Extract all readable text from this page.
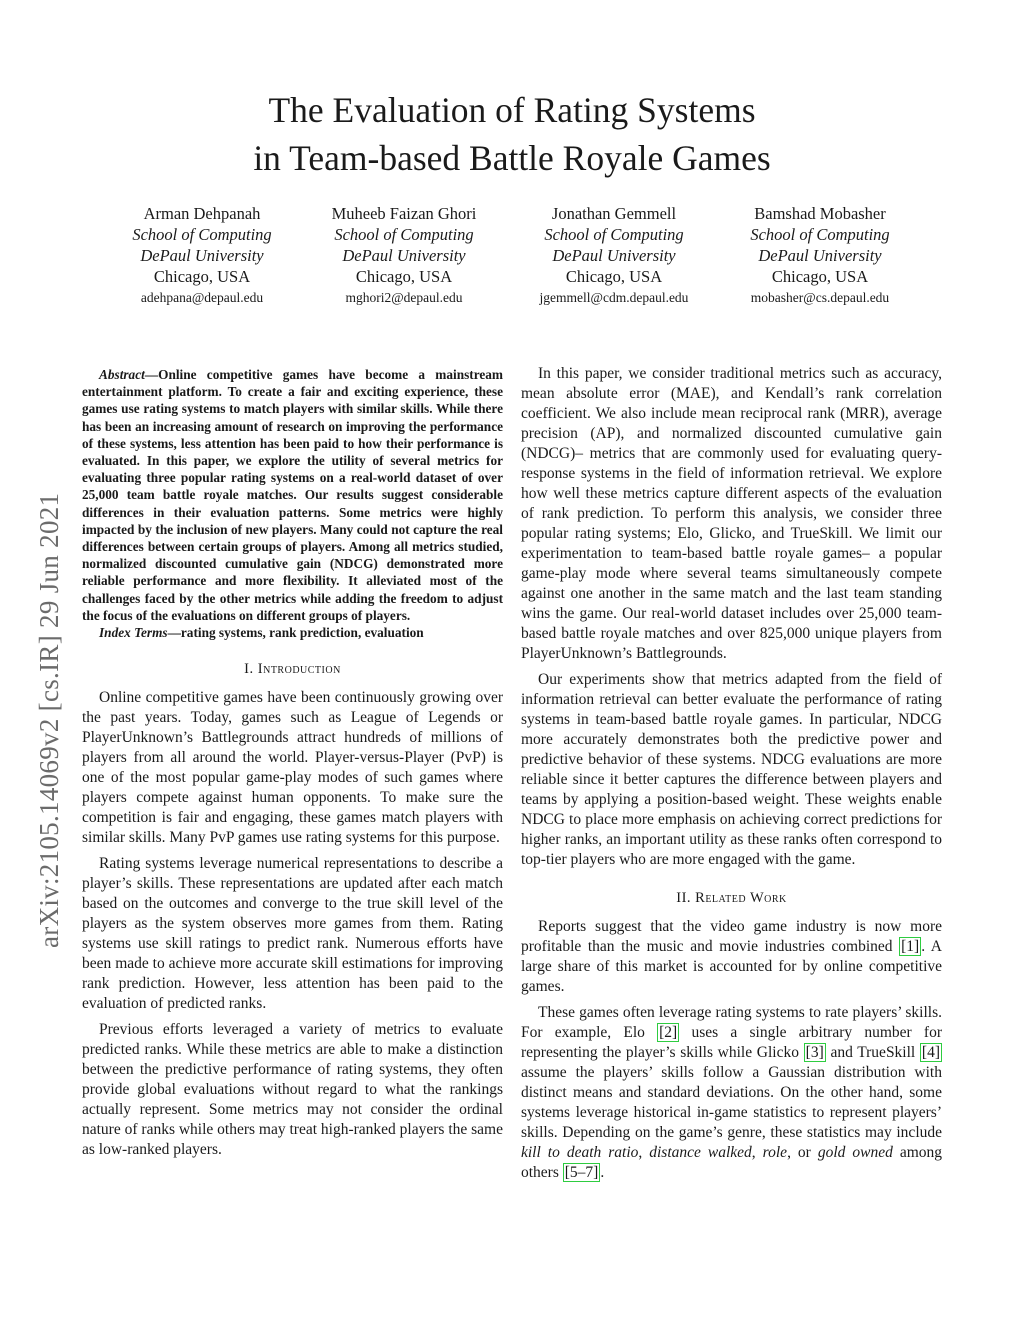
The Evaluation of Rating Systems
in Team-based Battle Royale Games
Arman Dehpanah
School of Computing
DePaul University
Chicago, USA
adehpana@depaul.edu
Muheeb Faizan Ghori
School of Computing
DePaul University
Chicago, USA
mghori2@depaul.edu
Jonathan Gemmell
School of Computing
DePaul University
Chicago, USA
jgemmell@cdm.depaul.edu
Bamshad Mobasher
School of Computing
DePaul University
Chicago, USA
mobasher@cs.depaul.edu
arXiv:2105.14069v2 [cs.IR] 29 Jun 2021

Abstract—Online competitive games have become a mainstream entertainment platform. To create a fair and exciting experience, these games use rating systems to match players with similar skills. While there has been an increasing amount of research on improving the performance of these systems, less attention has been paid to how their performance is evaluated. In this paper, we explore the utility of several metrics for evaluating three popular rating systems on a real-world dataset of over 25,000 team battle royale matches. Our results suggest considerable differences in their evaluation patterns. Some metrics were highly impacted by the inclusion of new players. Many could not capture the real differences between certain groups of players. Among all metrics studied, normalized discounted cumulative gain (NDCG) demonstrated more reliable performance and more flexibility. It alleviated most of the challenges faced by the other metrics while adding the freedom to adjust the focus of the evaluations on different groups of players.

Index Terms—rating systems, rank prediction, evaluation

I. Introduction

Online competitive games have been continuously growing over the past years. Today, games such as League of Legends or PlayerUnknown’s Battlegrounds attract hundreds of millions of players from all around the world. Player-versus-Player (PvP) is one of the most popular game-play modes of such games where players compete against human opponents. To make sure the competition is fair and engaging, these games match players with similar skills. Many PvP games use rating systems for this purpose.

Rating systems leverage numerical representations to describe a player’s skills. These representations are updated after each match based on the outcomes and converge to the true skill level of the players as the system observes more games from them. Rating systems use skill ratings to predict rank. Numerous efforts have been made to achieve more accurate skill estimations for improving rank prediction. However, less attention has been paid to the evaluation of predicted ranks.

Previous efforts leveraged a variety of metrics to evaluate predicted ranks. While these metrics are able to make a distinction between the predictive performance of rating systems, they often provide global evaluations without regard to what the rankings actually represent. Some metrics may not consider the ordinal nature of ranks while others may treat high-ranked players the same as low-ranked players.

In this paper, we consider traditional metrics such as accuracy, mean absolute error (MAE), and Kendall’s rank correlation coefficient. We also include mean reciprocal rank (MRR), average precision (AP), and normalized discounted cumulative gain (NDCG)– metrics that are commonly used for evaluating query-response systems in the field of information retrieval. We explore how well these metrics capture different aspects of the evaluation of rank prediction. To perform this analysis, we consider three popular rating systems; Elo, Glicko, and TrueSkill. We limit our experimentation to team-based battle royale games– a popular game-play mode where several teams simultaneously compete against one another in the same match and the last team standing wins the game. Our real-world dataset includes over 25,000 team-based battle royale matches and over 825,000 unique players from PlayerUnknown’s Battlegrounds.

Our experiments show that metrics adapted from the field of information retrieval can better evaluate the performance of rating systems in team-based battle royale games. In particular, NDCG more accurately demonstrates both the predictive power and predictive behavior of these systems. NDCG evaluations are more reliable since it better captures the difference between players and teams by applying a position-based weight. These weights enable NDCG to place more emphasis on achieving correct predictions for higher ranks, an important utility as these ranks often correspond to top-tier players who are more engaged with the game.

II. Related Work

Reports suggest that the video game industry is now more profitable than the music and movie industries combined [1] . A large share of this market is accounted for by online competitive games.

These games often leverage rating systems to rate players’ skills. For example, Elo [2] uses a single arbitrary number for representing the player’s skills while Glicko [3] and TrueSkill [4] assume the players’ skills follow a Gaussian distribution with distinct means and standard deviations. On the other hand, some systems leverage historical in-game statistics to represent players’ skills. Depending on the game’s genre, these statistics may include kill to death ratio, distance walked, role, or gold owned among others [5–7] .
